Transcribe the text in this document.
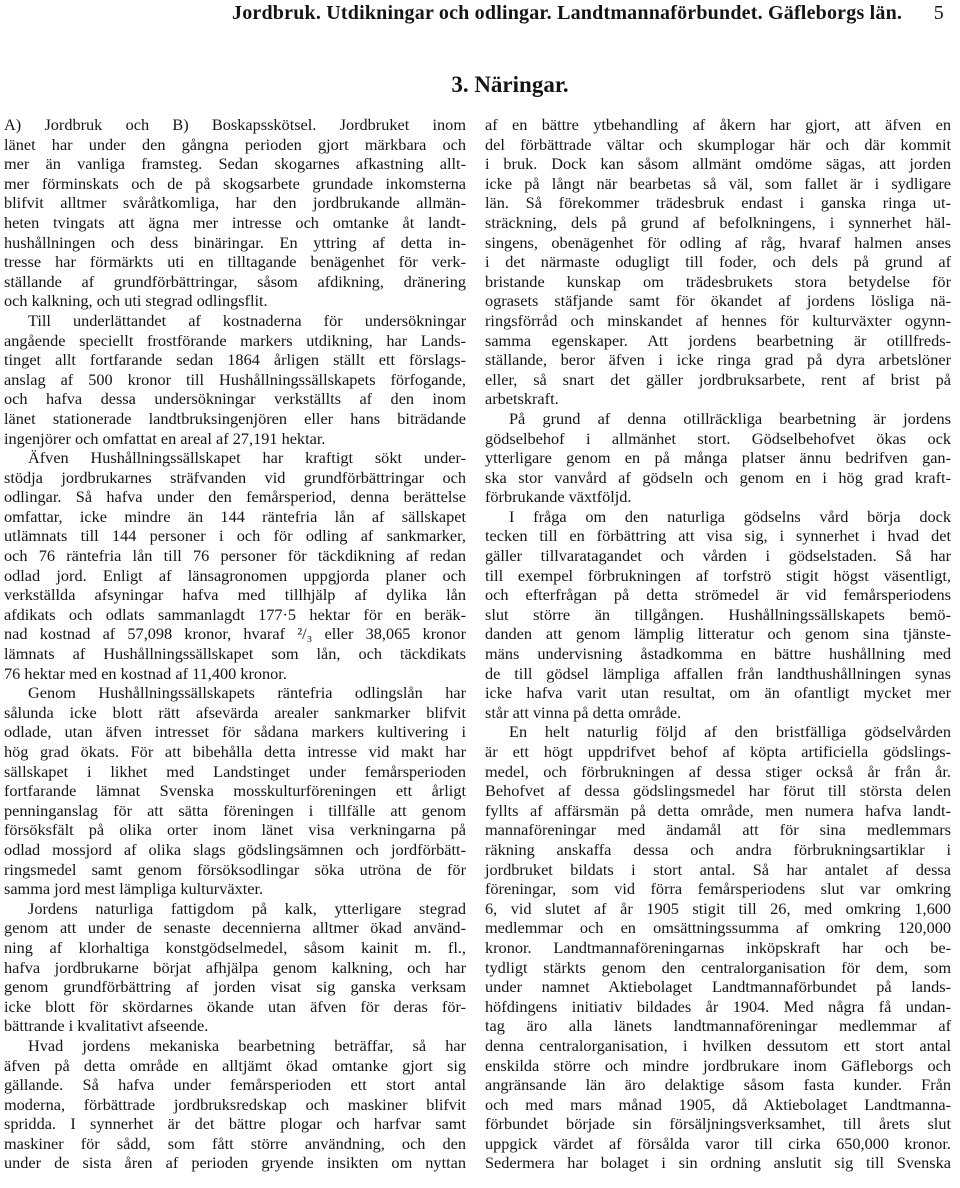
Jordbruk. Utdikningar och odlingar. Landtmannaförbundet. Gäfleborgs län. 5
3. Näringar.
A) Jordbruk och B) Boskapsskötsel. Jordbruket inom
länet har under den gångna perioden gjort märkbara och
mer än vanliga framsteg. Sedan skogarnes afkastning allt-
mer förminskats och de på skogsarbete grundade inkomsterna
blifvit alltmer svåråtkomliga, har den jordbrukande allmän-
heten tvingats att ägna mer intresse och omtanke åt landt-
hushållningen och dess binäringar. En yttring af detta in-
tresse har förmärkts uti en tilltagande benägenhet för verk-
ställande af grundförbättringar, såsom afdikning, dränering
och kalkning, och uti stegrad odlingsflit.
Till underlättandet af kostnaderna för undersökningar
angående speciellt frostförande markers utdikning, har Lands-
tinget allt fortfarande sedan 1864 årligen ställt ett förslags-
anslag af 500 kronor till Hushållningssällskapets förfogande,
och hafva dessa undersökningar verkställts af den inom
länet stationerade landtbruksingenjören eller hans biträdande
ingenjörer och omfattat en areal af 27,191 hektar.
Äfven Hushållningssällskapet har kraftigt sökt under-
stödja jordbrukarnes sträfvanden vid grundförbättringar och
odlingar. Så hafva under den femårsperiod, denna berättelse
omfattar, icke mindre än 144 räntefria lån af sällskapet
utlämnats till 144 personer i och för odling af sankmarker,
och 76 räntefria lån till 76 personer för täckdikning af redan
odlad jord. Enligt af länsagronomen uppgjorda planer och
verkställda afsyningar hafva med tillhjälp af dylika lån
afdikats och odlats sammanlagdt 177·5 hektar för en beräk-
nad kostnad af 57,098 kronor, hvaraf ²/₃ eller 38,065 kronor
lämnats af Hushållningssällskapet som lån, och täckdikats
76 hektar med en kostnad af 11,400 kronor.
Genom Hushållningssällskapets räntefria odlingslån har
sålunda icke blott rätt afsevärda arealer sankmarker blifvit
odlade, utan äfven intresset för sådana markers kultivering i
hög grad ökats. För att bibehålla detta intresse vid makt har
sällskapet i likhet med Landstinget under femårsperioden
fortfarande lämnat Svenska mosskulturföreningen ett årligt
penninganslag för att sätta föreningen i tillfälle att genom
försöksfält på olika orter inom länet visa verkningarna på
odlad mossjord af olika slags gödslingsämnen och jordförbätt-
ringsmedel samt genom försöksodlingar söka utröna de för
samma jord mest lämpliga kulturväxter.
Jordens naturliga fattigdom på kalk, ytterligare stegrad
genom att under de senaste decennierna alltmer ökad använd-
ning af klorhaltiga konstgödselmedel, såsom kainit m. fl.,
hafva jordbrukarne börjat afhjälpa genom kalkning, och har
genom grundförbättring af jorden visat sig ganska verksam
icke blott för skördarnes ökande utan äfven för deras för-
bättrande i kvalitativt afseende.
Hvad jordens mekaniska bearbetning beträffar, så har
äfven på detta område en alltjämt ökad omtanke gjort sig
gällande. Så hafva under femårsperioden ett stort antal
moderna, förbättrade jordbruksredskap och maskiner blifvit
spridda. I synnerhet är det bättre plogar och harfvar samt
maskiner för sådd, som fått större användning, och den
under de sista åren af perioden gryende insikten om nyttan
af en bättre ytbehandling af åkern har gjort, att äfven en
del förbättrade vältar och skumplogar här och där kommit
i bruk. Dock kan såsom allmänt omdöme sägas, att jorden
icke på långt när bearbetas så väl, som fallet är i sydligare
län. Så förekommer trädesbruk endast i ganska ringa ut-
sträckning, dels på grund af befolkningens, i synnerhet häl-
singens, obenägenhet för odling af råg, hvaraf halmen anses
i det närmaste odugligt till foder, och dels på grund af
bristande kunskap om trädesbrukets stora betydelse för
ograsets stäfjande samt för ökandet af jordens lösliga nä-
ringsförråd och minskandet af hennes för kulturväxter ogynn-
samma egenskaper. Att jordens bearbetning är otillfreds-
ställande, beror äfven i icke ringa grad på dyra arbetslöner
eller, så snart det gäller jordbruksarbete, rent af brist på
arbetskraft.
På grund af denna otillräckliga bearbetning är jordens
gödselbehof i allmänhet stort. Gödselbehofvet ökas ock
ytterligare genom en på många platser ännu bedrifven gan-
ska stor vanvård af gödseln och genom en i hög grad kraft-
förbrukande växtföljd.
I fråga om den naturliga gödselns vård börja dock
tecken till en förbättring att visa sig, i synnerhet i hvad det
gäller tillvaratagandet och vården i gödselstaden. Så har
till exempel förbrukningen af torfströ stigit högst väsentligt,
och efterfrågan på detta strömedel är vid femårsperiodens
slut större än tillgången. Hushållningssällskapets bemö-
danden att genom lämplig litteratur och genom sina tjänste-
mäns undervisning åstadkomma en bättre hushållning med
de till gödsel lämpliga affallen från landthushållningen synas
icke hafva varit utan resultat, om än ofantligt mycket mer
står att vinna på detta område.
En helt naturlig följd af den bristfälliga gödselvården
är ett högt uppdrifvet behof af köpta artificiella gödslings-
medel, och förbrukningen af dessa stiger också år från år.
Behofvet af dessa gödslingsmedel har förut till största delen
fyllts af affärsmän på detta område, men numera hafva landt-
mannaföreningar med ändamål att för sina medlemmars
räkning anskaffa dessa och andra förbrukningsartiklar i
jordbruket bildats i stort antal. Så har antalet af dessa
föreningar, som vid förra femårsperiodens slut var omkring
6, vid slutet af år 1905 stigit till 26, med omkring 1,600
medlemmar och en omsättningssumma af omkring 120,000
kronor. Landtmannaföreningarnas inköpskraft har och be-
tydligt stärkts genom den centralorganisation för dem, som
under namnet Aktiebolaget Landtmannaförbundet på lands-
höfdingens initiativ bildades år 1904. Med några få undan-
tag äro alla länets landtmannaföreningar medlemmar af
denna centralorganisation, i hvilken dessutom ett stort antal
enskilda större och mindre jordbrukare inom Gäfleborgs och
angränsande län äro delaktige såsom fasta kunder. Från
och med mars månad 1905, då Aktiebolaget Landtmanna-
förbundet började sin försäljningsverksamhet, till årets slut
uppgick värdet af försålda varor till cirka 650,000 kronor.
Sedermera har bolaget i sin ordning anslutit sig till Svenska
